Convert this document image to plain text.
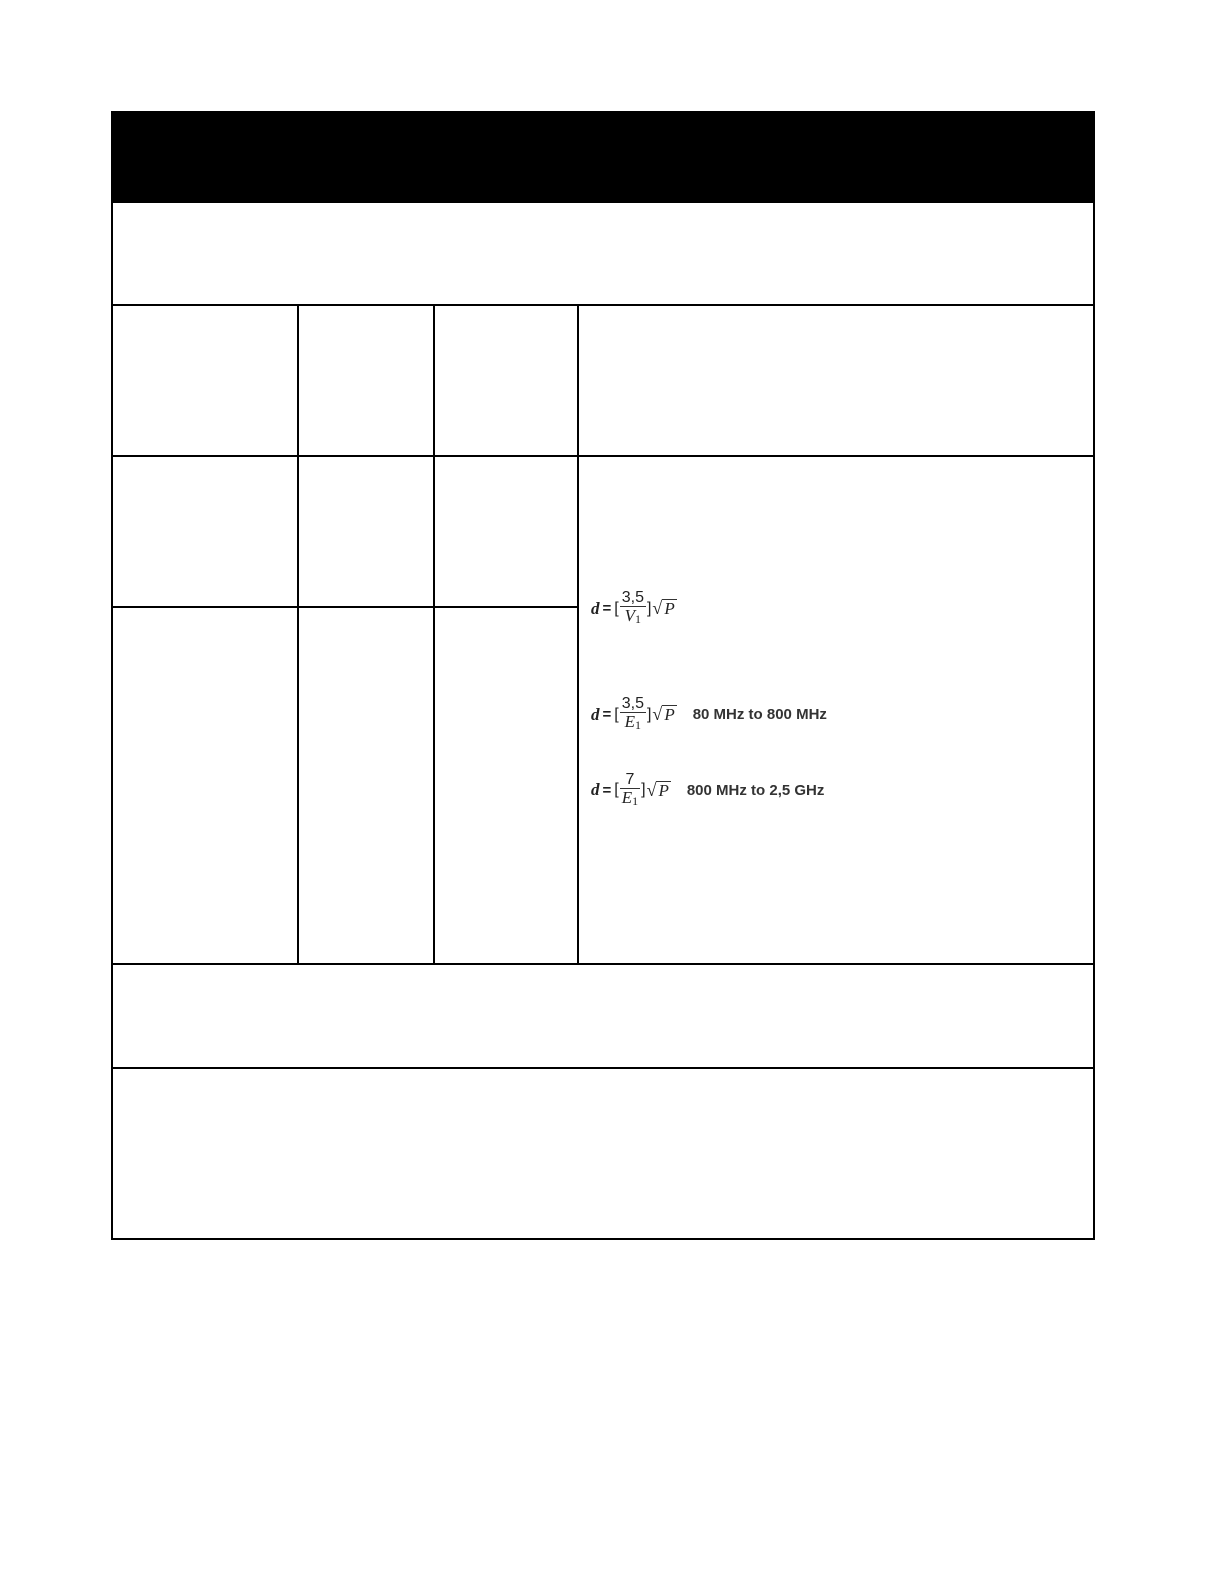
d = [ $\frac{3,5}{V_1}$ ] √ P
d = [ $\frac{3,5}{E_1}$ ] √ P 80 MHz to 800 MHz
d = [ $\frac{7}{E_1}$ ] √ P 800 MHz to 2,5 GHz
